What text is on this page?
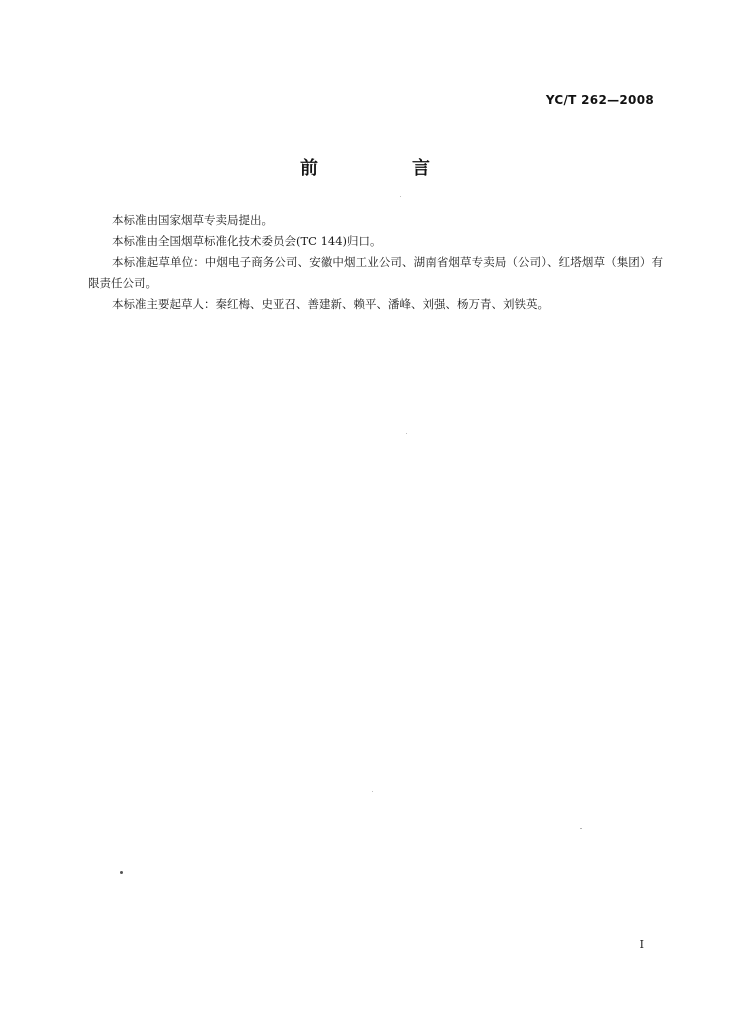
YC/T 262—2008
前　言

本标准由国家烟草专卖局提出。

本标准由全国烟草标准化技术委员会(TC 144)归口。

本标准起草单位：中烟电子商务公司、安徽中烟工业公司、湖南省烟草专卖局（公司）、红塔烟草（集团）有限责任公司。

本标准主要起草人：秦红梅、史亚召、善建新、赖平、潘峰、刘强、杨万青、刘铁英。

I
